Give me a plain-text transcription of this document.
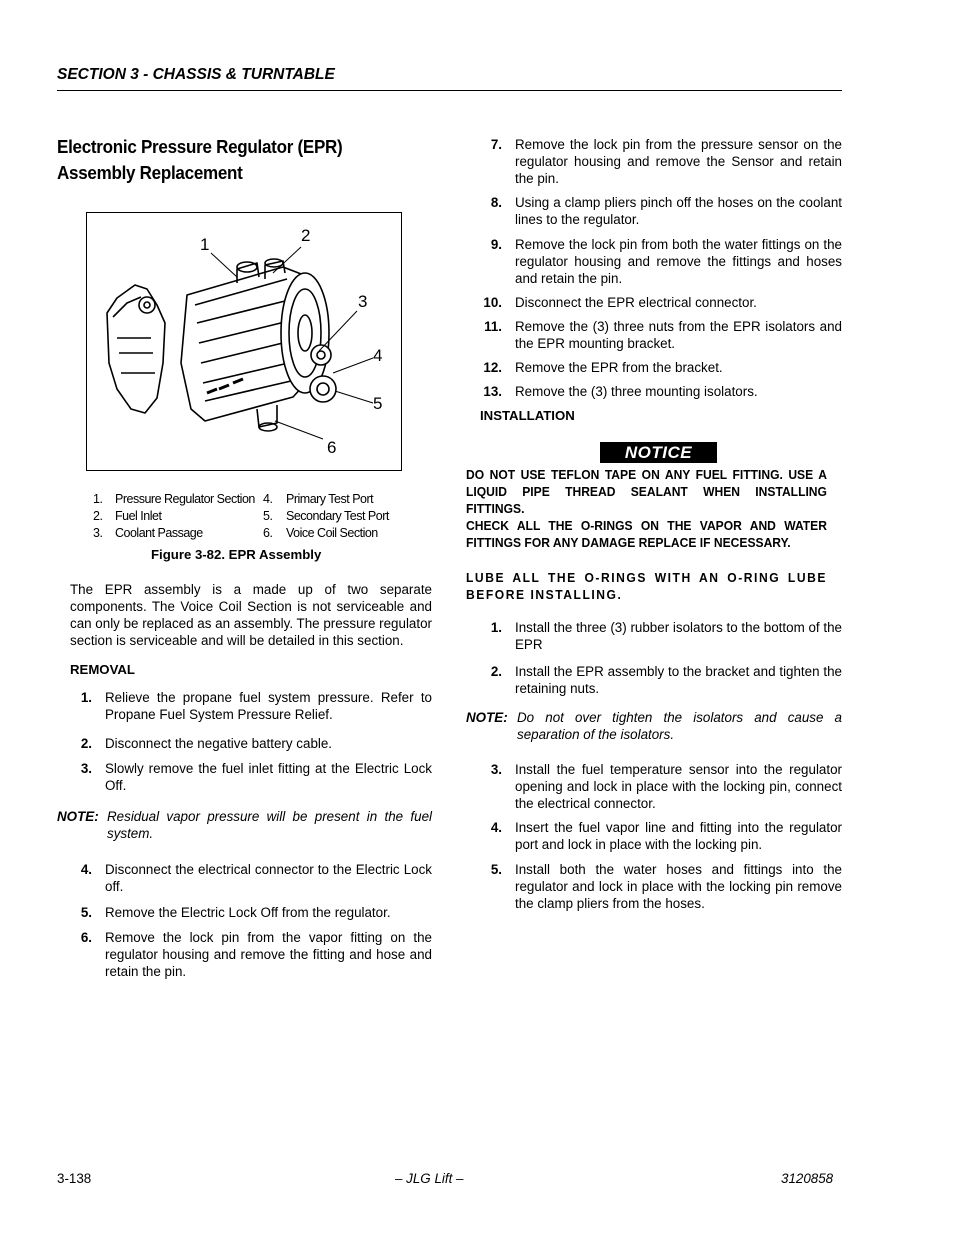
SECTION 3 - CHASSIS & TURNTABLE
Electronic Pressure Regulator (EPR)
Assembly Replacement
1	2
3
4
5
6
1. Pressure Regulator Section
2. Fuel Inlet
3. Coolant Passage
4. Primary Test Port
5. Secondary Test Port
6. Voice Coil Section
Figure 3-82. EPR Assembly
The EPR assembly is a made up of two separate components. The Voice Coil Section is not serviceable and can only be replaced as an assembly. The pressure regulator section is serviceable and will be detailed in this section.
REMOVAL
1. Relieve the propane fuel system pressure. Refer to Propane Fuel System Pressure Relief.
2. Disconnect the negative battery cable.
3. Slowly remove the fuel inlet fitting at the Electric Lock Off.
NOTE: Residual vapor pressure will be present in the fuel system.
4. Disconnect the electrical connector to the Electric Lock off.
5. Remove the Electric Lock Off from the regulator.
6. Remove the lock pin from the vapor fitting on the regulator housing and remove the fitting and hose and retain the pin.
7. Remove the lock pin from the pressure sensor on the regulator housing and remove the Sensor and retain the pin.
8. Using a clamp pliers pinch off the hoses on the coolant lines to the regulator.
9. Remove the lock pin from both the water fittings on the regulator housing and remove the fittings and hoses and retain the pin.
10. Disconnect the EPR electrical connector.
11. Remove the (3) three nuts from the EPR isolators and the EPR mounting bracket.
12. Remove the EPR from the bracket.
13. Remove the (3) three mounting isolators.
INSTALLATION
NOTICE
DO NOT USE TEFLON TAPE ON ANY FUEL FITTING. USE A LIQUID PIPE THREAD SEALANT WHEN INSTALLING FITTINGS.
CHECK ALL THE O-RINGS ON THE VAPOR AND WATER FITTINGS FOR ANY DAMAGE REPLACE IF NECESSARY.
LUBE ALL THE O-RINGS WITH AN O-RING LUBE BEFORE INSTALLING.
1. Install the three (3) rubber isolators to the bottom of the EPR
2. Install the EPR assembly to the bracket and tighten the retaining nuts.
NOTE: Do not over tighten the isolators and cause a separation of the isolators.
3. Install the fuel temperature sensor into the regulator opening and lock in place with the locking pin, connect the electrical connector.
4. Insert the fuel vapor line and fitting into the regulator port and lock in place with the locking pin.
5. Install both the water hoses and fittings into the regulator and lock in place with the locking pin remove the clamp pliers from the hoses.
3-138	– JLG Lift –	3120858
